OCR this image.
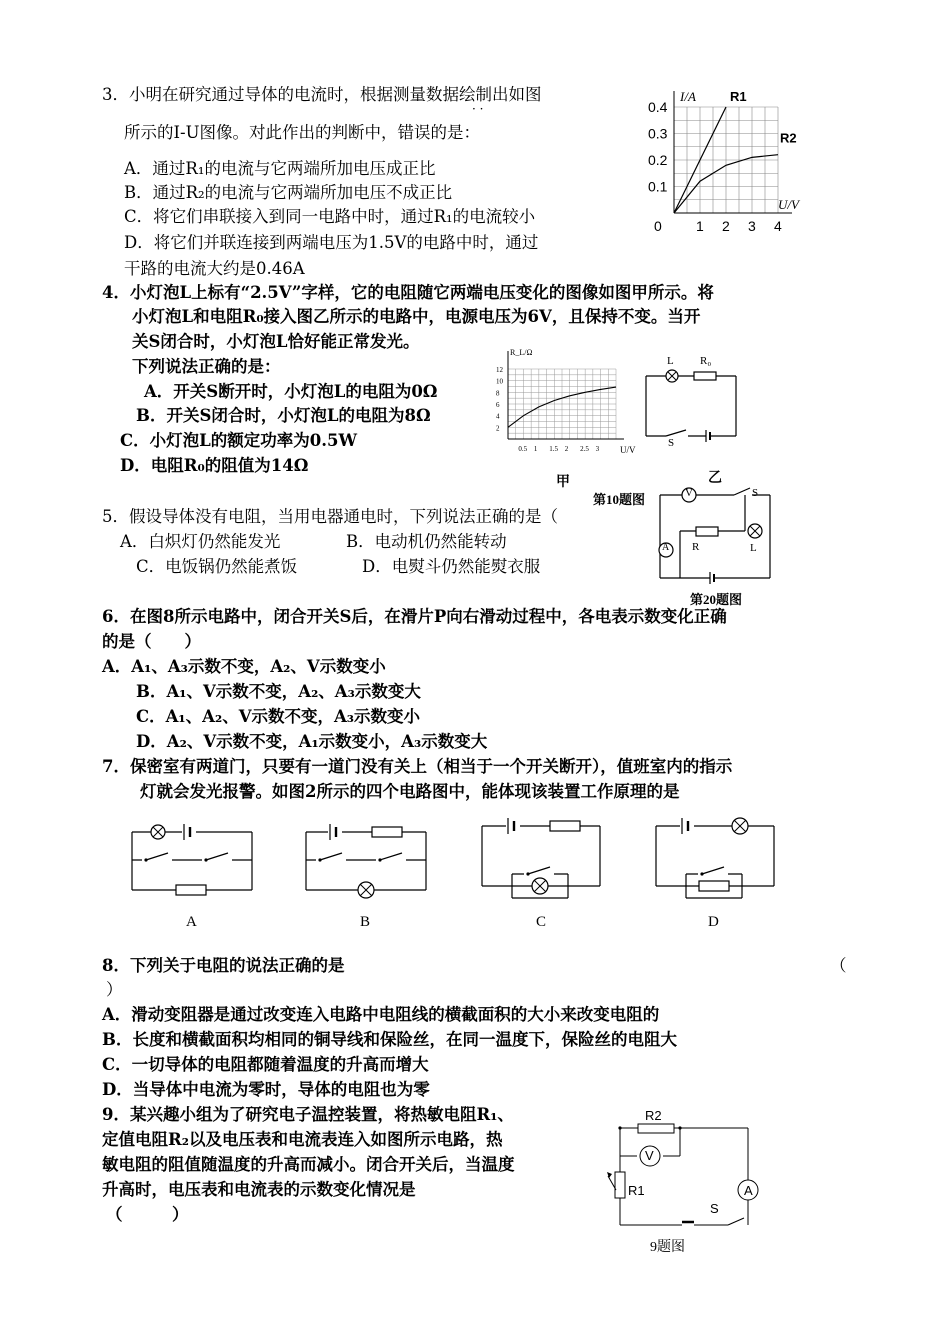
3．小明在研究通过导体的电流时，根据测量数据绘制出如图
· ·
所示的I-U图像。对此作出的判断中，错误的是：
A．通过R₁的电流与它两端所加电压成正比
B．通过R₂的电流与它两端所加电压不成正比
C．将它们串联接入到同一电路中时，通过R₁的电流较小
D．将它们并联连接到两端电压为1.5V的电路中时，通过
干路的电流大约是0.46A
0.1
0.2
0.3
0.4
0 1 2 3 4
I/A
U/V
R1
R2
4．小灯泡L上标有“2.5V”字样，它的电阻随它两端电压变化的图像如图甲所示。将
小灯泡L和电阻R₀接入图乙所示的电路中，电源电压为6V，且保持不变。当开
关S闭合时，小灯泡L恰好能正常发光。
下列说法正确的是：
A．开关S断开时，小灯泡L的电阻为0Ω
B．开关S闭合时，小灯泡L的电阻为8Ω
C．小灯泡L的额定功率为0.5W
D．电阻R₀的阻值为14Ω
2
4
6
8
10
12
0.5 1 1.5 2 2.5 3
R_L/Ω
U/V
甲
L R₀
S
第10题图
乙
V	S
A R	L
第20题图
5．假设导体没有电阻，当用电器通电时，下列说法正确的是（
A．白炽灯仍然能发光	B．电动机仍然能转动
C．电饭锅仍然能煮饭	D．电熨斗仍然能熨衣服
6．在图8所示电路中，闭合开关S后，在滑片P向右滑动过程中，各电表示数变化正确
的是（　　）
A．A₁、A₃示数不变，A₂、V示数变小
B．A₁、V示数不变，A₂、A₃示数变大
C．A₁、A₂、V示数不变，A₃示数变小
D．A₂、V示数不变，A₁示数变小，A₃示数变大
7．保密室有两道门，只要有一道门没有关上（相当于一个开关断开），值班室内的指示
灯就会发光报警。如图2所示的四个电路图中，能体现该装置工作原理的是
A	B	C	D
8．下列关于电阻的说法正确的是	（
）
A．滑动变阻器是通过改变连入电路中电阻线的横截面积的大小来改变电阻的
B．长度和横截面积均相同的铜导线和保险丝，在同一温度下，保险丝的电阻大
C．一切导体的电阻都随着温度的升高而增大
D．当导体中电流为零时，导体的电阻也为零
9．某兴趣小组为了研究电子温控装置，将热敏电阻R₁、
定值电阻R₂以及电压表和电流表连入如图所示电路，热
敏电阻的阻值随温度的升高而减小。闭合开关后，当温度
升高时，电压表和电流表的示数变化情况是
（　　　）
R2
V
R1	A
S
9题图
